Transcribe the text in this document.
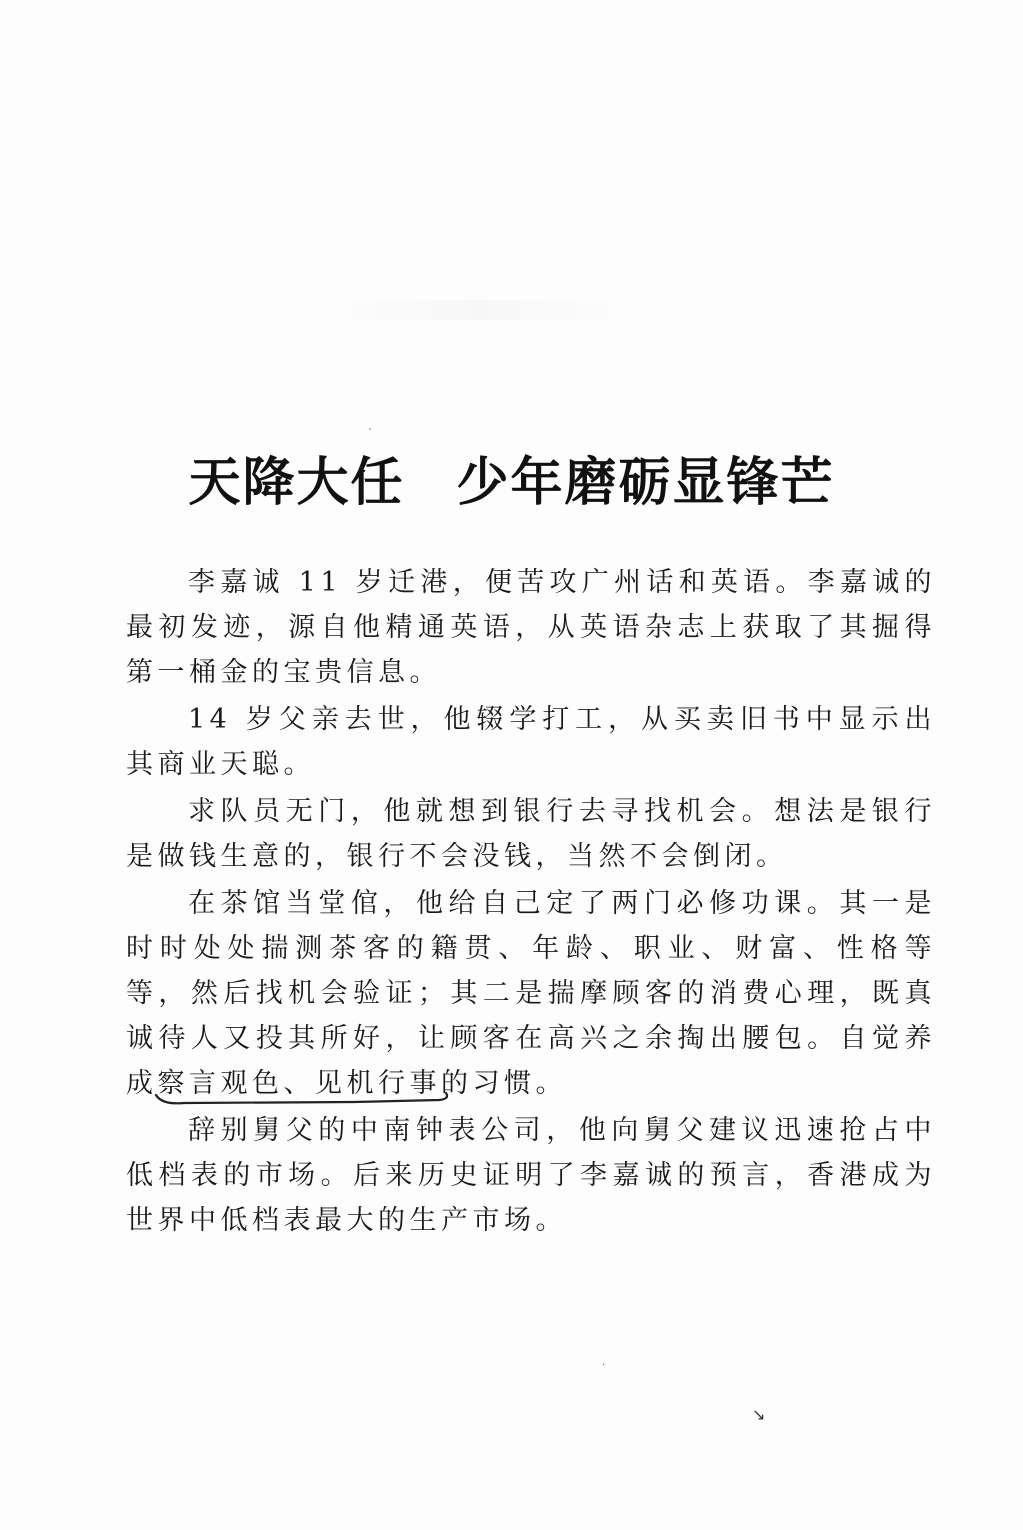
天降大任 少年磨砺显锋芒

李嘉诚 11 岁迁港，便苦攻广州话和英语。李嘉诚的最初发迹，源自他精通英语，从英语杂志上获取了其掘得第一桶金的宝贵信息。

14 岁父亲去世，他辍学打工，从买卖旧书中显示出其商业天聪。

求队员无门，他就想到银行去寻找机会。想法是银行是做钱生意的，银行不会没钱，当然不会倒闭。

在茶馆当堂倌，他给自己定了两门必修功课。其一是时时处处揣测茶客的籍贯、年龄、职业、财富、性格等等，然后找机会验证；其二是揣摩顾客的消费心理，既真诚待人又投其所好，让顾客在高兴之余掏出腰包。自觉养成察言观色、见机行事
的习惯。

辞别舅父的中南钟表公司，他向舅父建议迅速抢占中低档表的市场。后来历史证明了李嘉诚的预言，香港成为世界中低档表最大的生产市场。

`
·
↘
